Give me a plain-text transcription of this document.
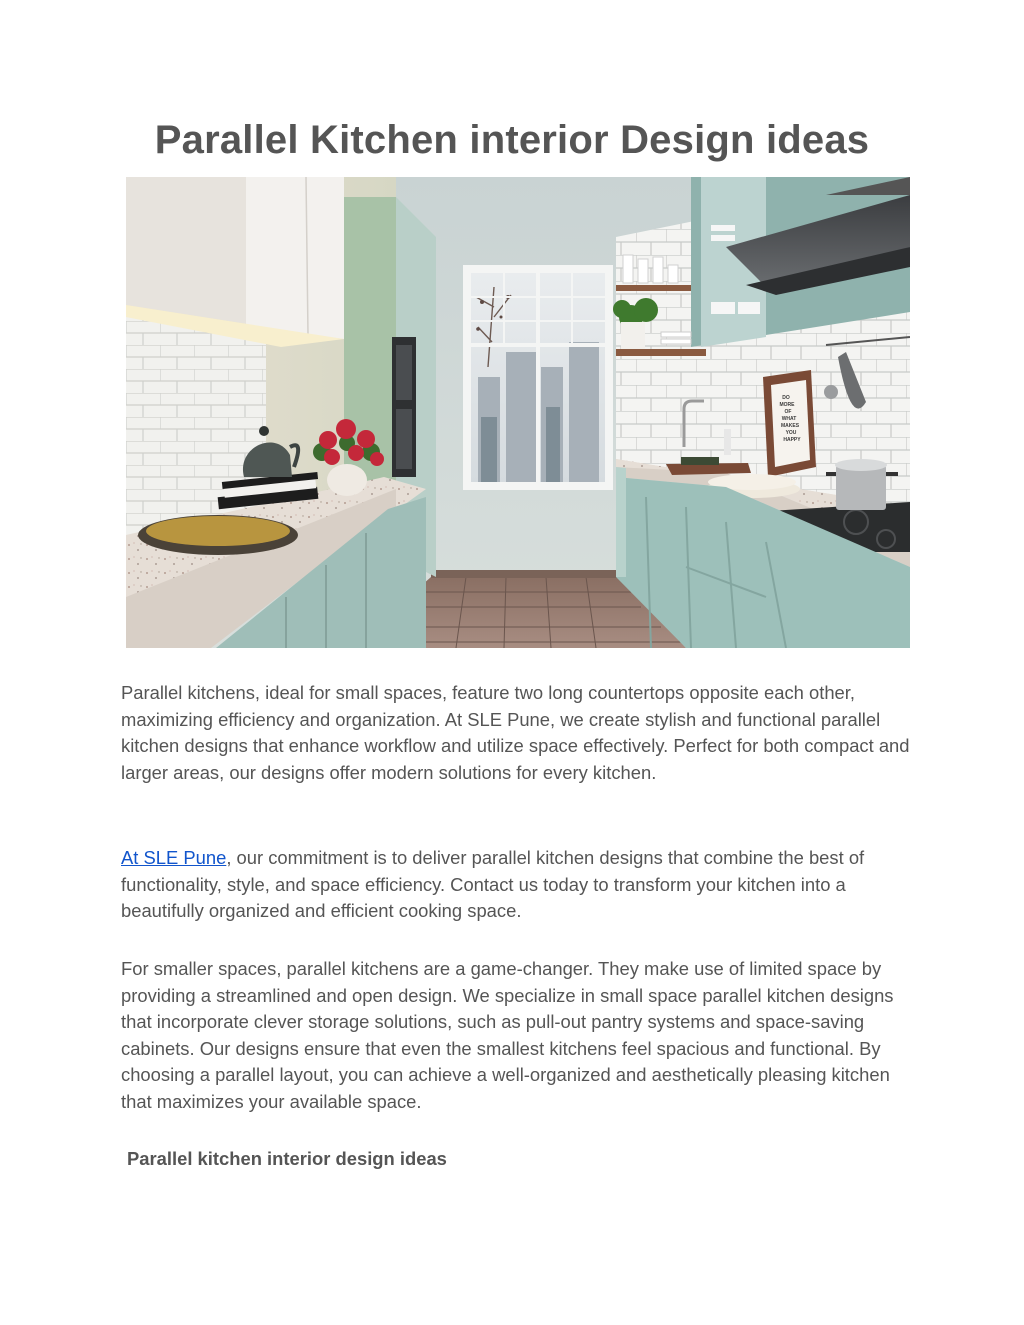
Parallel Kitchen interior Design ideas
DO
MORE
OF
WHAT
MAKES
YOU
HAPPY

Parallel kitchens, ideal for small spaces, feature two long countertops opposite each other, maximizing efficiency and organization. At SLE Pune, we create stylish and functional parallel kitchen designs that enhance workflow and utilize space effectively. Perfect for both compact and larger areas, our designs offer modern solutions for every kitchen.

At SLE Pune, our commitment is to deliver parallel kitchen designs that combine the best of functionality, style, and space efficiency. Contact us today to transform your kitchen into a beautifully organized and efficient cooking space.

For smaller spaces, parallel kitchens are a game-changer. They make use of limited space by providing a streamlined and open design. We specialize in small space parallel kitchen designs that incorporate clever storage solutions, such as pull-out pantry systems and space-saving cabinets. Our designs ensure that even the smallest kitchens feel spacious and functional. By choosing a parallel layout, you can achieve a well-organized and aesthetically pleasing kitchen that maximizes your available space.

Parallel kitchen interior design ideas
